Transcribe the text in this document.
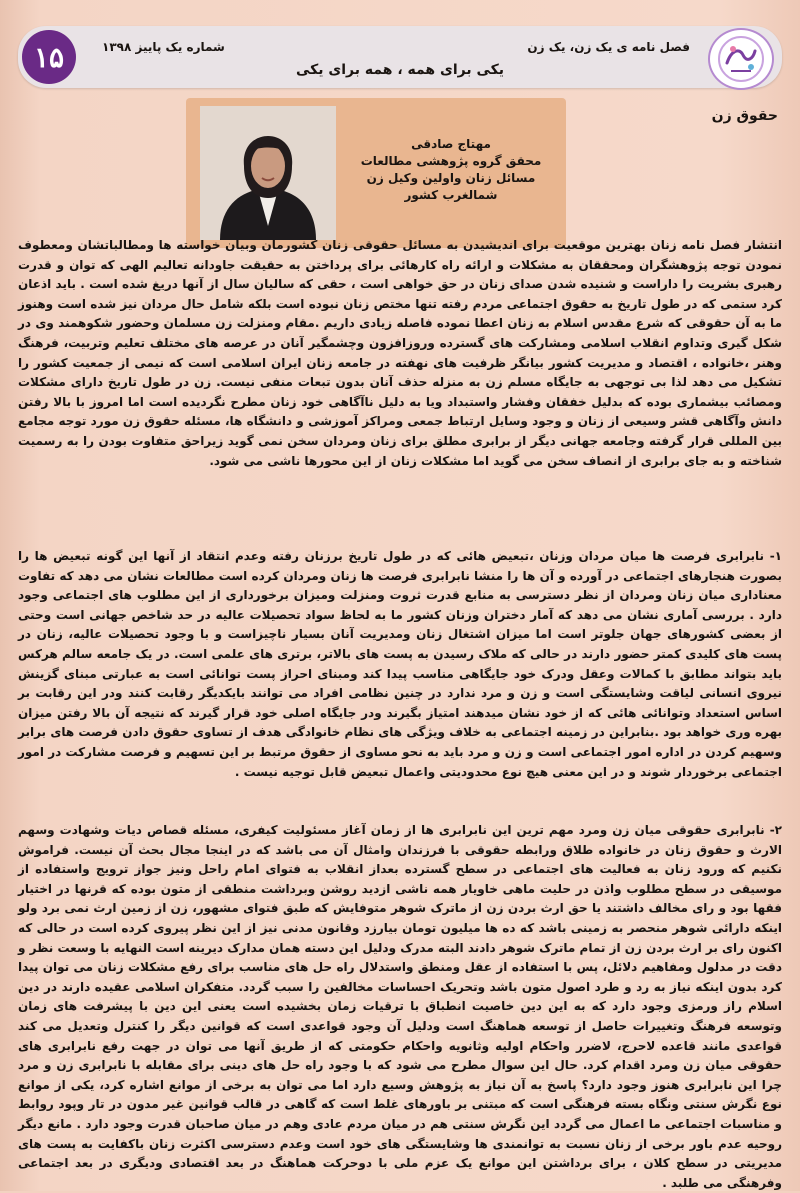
۱۵	شماره یک پاییز ۱۳۹۸	فصل نامه ی یک زن، یک زن
یکی برای همه ، همه برای یکی
حقوق زن
مهتاج صادقی
محقق گروه پژوهشی مطالعات
مسائل زنان واولین وکیل زن
شمالغرب کشور
انتشار فصل نامه زنان بهترین موقعیت برای اندیشیدن به مسائل حقوقی زنان کشورمان وبیان خواسته ها ومطالباتشان ومعطوف نمودن توجه پژوهشگران ومحققان به مشکلات و ارائه راه کارهائی برای پرداختن به حقیقت جاودانه تعالیم الهی که توان و قدرت رهبری بشریت را داراست و شنیده شدن صدای زنان در حق خواهی است ، حقی که سالیان سال از آنها دریغ شده است . باید اذعان کرد ستمی که در طول تاریخ به حقوق اجتماعی مردم رفته تنها مختص زنان نبوده است بلکه شامل حال مردان نیز شده است وهنوز ما به آن حقوقی که شرع مقدس اسلام به زنان اعطا نموده فاصله زیادی داریم .مقام ومنزلت زن مسلمان وحضور شکوهمند وی در شکل گیری وتداوم انقلاب اسلامی ومشارکت های گسترده وروزافزون وچشمگیر آنان در عرصه های مختلف تعلیم وتربیت، فرهنگ وهنر ،خانواده ، اقتصاد و مدیریت کشور بیانگر ظرفیت های نهفته در جامعه زنان ایران اسلامی است که نیمی از جمعیت کشور را تشکیل می دهد لذا بی توجهی به جایگاه مسلم زن به منزله حذف آنان بدون تبعات منفی نیست. زن در طول تاریخ دارای مشکلات ومصائب بیشماری بوده که بدلیل خفقان وفشار واستبداد ویا به دلیل ناآگاهی خود زنان مطرح نگردیده است اما امروز با بالا رفتن دانش وآگاهی قشر وسیعی از زنان و وجود وسایل ارتباط جمعی ومراکز آموزشی و دانشگاه ها، مسئله حقوق زن مورد توجه مجامع بین المللی قرار گرفته وجامعه جهانی دیگر از برابری مطلق برای زنان ومردان سخن نمی گوید زیراحق متفاوت بودن را به رسمیت شناخته و به جای برابری از انصاف سخن می گوید اما مشکلات زنان از این محورها ناشی می شود.
۱- نابرابری فرصت ها میان مردان وزنان ،تبعیض هائی که در طول تاریخ برزنان رفته وعدم انتقاد از آنها این گونه تبعیض ها را بصورت هنجارهای اجتماعی در آورده و آن ها را منشا نابرابری فرصت ها زنان ومردان کرده است مطالعات نشان می دهد که تفاوت معناداری میان زنان ومردان از نظر دسترسی به منابع قدرت ثروت ومنزلت ومیزان برخورداری از این مطلوب های اجتماعی وجود دارد . بررسی آماری نشان می دهد که آمار دختران وزنان کشور ما به لحاظ سواد تحصیلات عالیه در حد شاخص جهانی است وحتی از بعضی کشورهای جهان جلوتر است اما میزان اشتغال زنان ومدیریت آنان بسیار ناچیزاست و با وجود تحصیلات عالیه، زنان در پست های کلیدی کمتر حضور دارند در حالی که ملاک رسیدن به پست های بالاتر، برتری های علمی است. در یک جامعه سالم هرکس باید بتواند مطابق با کمالات وعقل ودرک خود جایگاهی مناسب پیدا کند ومبنای احراز پست توانائی است به عبارتی مبنای گزینش نیروی انسانی لیاقت وشایستگی است و زن و مرد ندارد در چنین نظامی افراد می توانند بایکدیگر رقابت کنند ودر این رقابت بر اساس استعداد وتوانائی هائی که از خود نشان میدهند امتیاز بگیرند ودر جایگاه اصلی خود قرار گیرند که نتیجه آن بالا رفتن میزان بهره وری خواهد بود .بنابراین در زمینه اجتماعی به خلاف ویژگی های نظام خانوادگی هدف از تساوی حقوق دادن فرصت های برابر وسهیم کردن در اداره امور اجتماعی است و زن و مرد باید به نحو مساوی از حقوق مرتبط بر این تسهیم و فرصت مشارکت در امور اجتماعی برخوردار شوند و در این معنی هیچ نوع محدودیتی واعمال تبعیض قابل توجیه نیست .
۲- نابرابری حقوقی میان زن ومرد مهم ترین این نابرابری ها از زمان آغاز مسئولیت کیفری، مسئله قصاص دیات وشهادت وسهم الارث و حقوق زنان در خانواده طلاق ورابطه حقوقی با فرزندان وامثال آن می باشد که در اینجا مجال بحث آن نیست. فراموش نکنیم که ورود زنان به فعالیت های اجتماعی در سطح گسترده بعداز انقلاب به فتوای امام راحل ونیز جواز ترویج واستفاده از موسیقی در سطح مطلوب واذن در حلیت ماهی خاویار همه ناشی ازدید روشن وبرداشت منطقی از متون بوده که قرنها در اختیار فقها بود و رای مخالف داشتند یا حق ارث بردن زن از ماترک شوهر متوفایش که طبق فتوای مشهور، زن از زمین ارث نمی برد ولو اینکه دارائی شوهر منحصر به زمینی باشد که ده ها میلیون تومان بیارزد وقانون مدنی نیز از این نظر پیروی کرده است در حالی که اکنون رای بر ارث بردن زن از تمام ماترک شوهر دادند البته مدرک ودلیل این دسته همان مدارک دیرینه است النهایه با وسعت نظر و دقت در مدلول ومفاهیم دلائل، پس با استفاده از عقل ومنطق واستدلال راه حل های مناسب برای رفع مشکلات زنان می توان پیدا کرد بدون اینکه نیاز به رد و طرد اصول متون باشد وتحریک احساسات مخالفین را سبب گردد. متفکران اسلامی عقیده دارند در دین اسلام راز ورمزی وجود دارد که به این دین خاصیت انطباق با ترقیات زمان بخشیده است یعنی این دین با پیشرفت های زمان وتوسعه فرهنگ وتغییرات حاصل از توسعه هماهنگ است ودلیل آن وجود قواعدی است که قوانین دیگر را کنترل وتعدیل می کند قواعدی مانند قاعده لاحرج، لاضرر واحکام اولیه وثانویه واحکام حکومتی که از طریق آنها می توان در جهت رفع نابرابری های حقوقی میان زن ومرد اقدام کرد. حال این سوال مطرح می شود که با وجود راه حل های دینی برای مقابله با نابرابری زن و مرد چرا این نابرابری هنوز وجود دارد؟ پاسخ به آن نیاز به پژوهش وسیع دارد اما می توان به برخی از موانع اشاره کرد، یکی از موانع نوع نگرش سنتی ونگاه بسته فرهنگی است که مبتنی بر باورهای غلط است که گاهی در قالب قوانین غیر مدون در تار وپود روابط و مناسبات اجتماعی ما اعمال می گردد این نگرش سنتی هم در میان مردم عادی وهم در میان صاحبان قدرت وجود دارد . مانع دیگر روحیه عدم باور برخی از زنان نسبت به توانمندی ها وشایستگی های خود است وعدم دسترسی اکثرت زنان باکفایت به پست های مدیریتی در سطح کلان ، برای برداشتن این موانع یک عزم ملی با دوحرکت هماهنگ در بعد اقتصادی ودیگری در بعد اجتماعی وفرهنگی می طلبد .
